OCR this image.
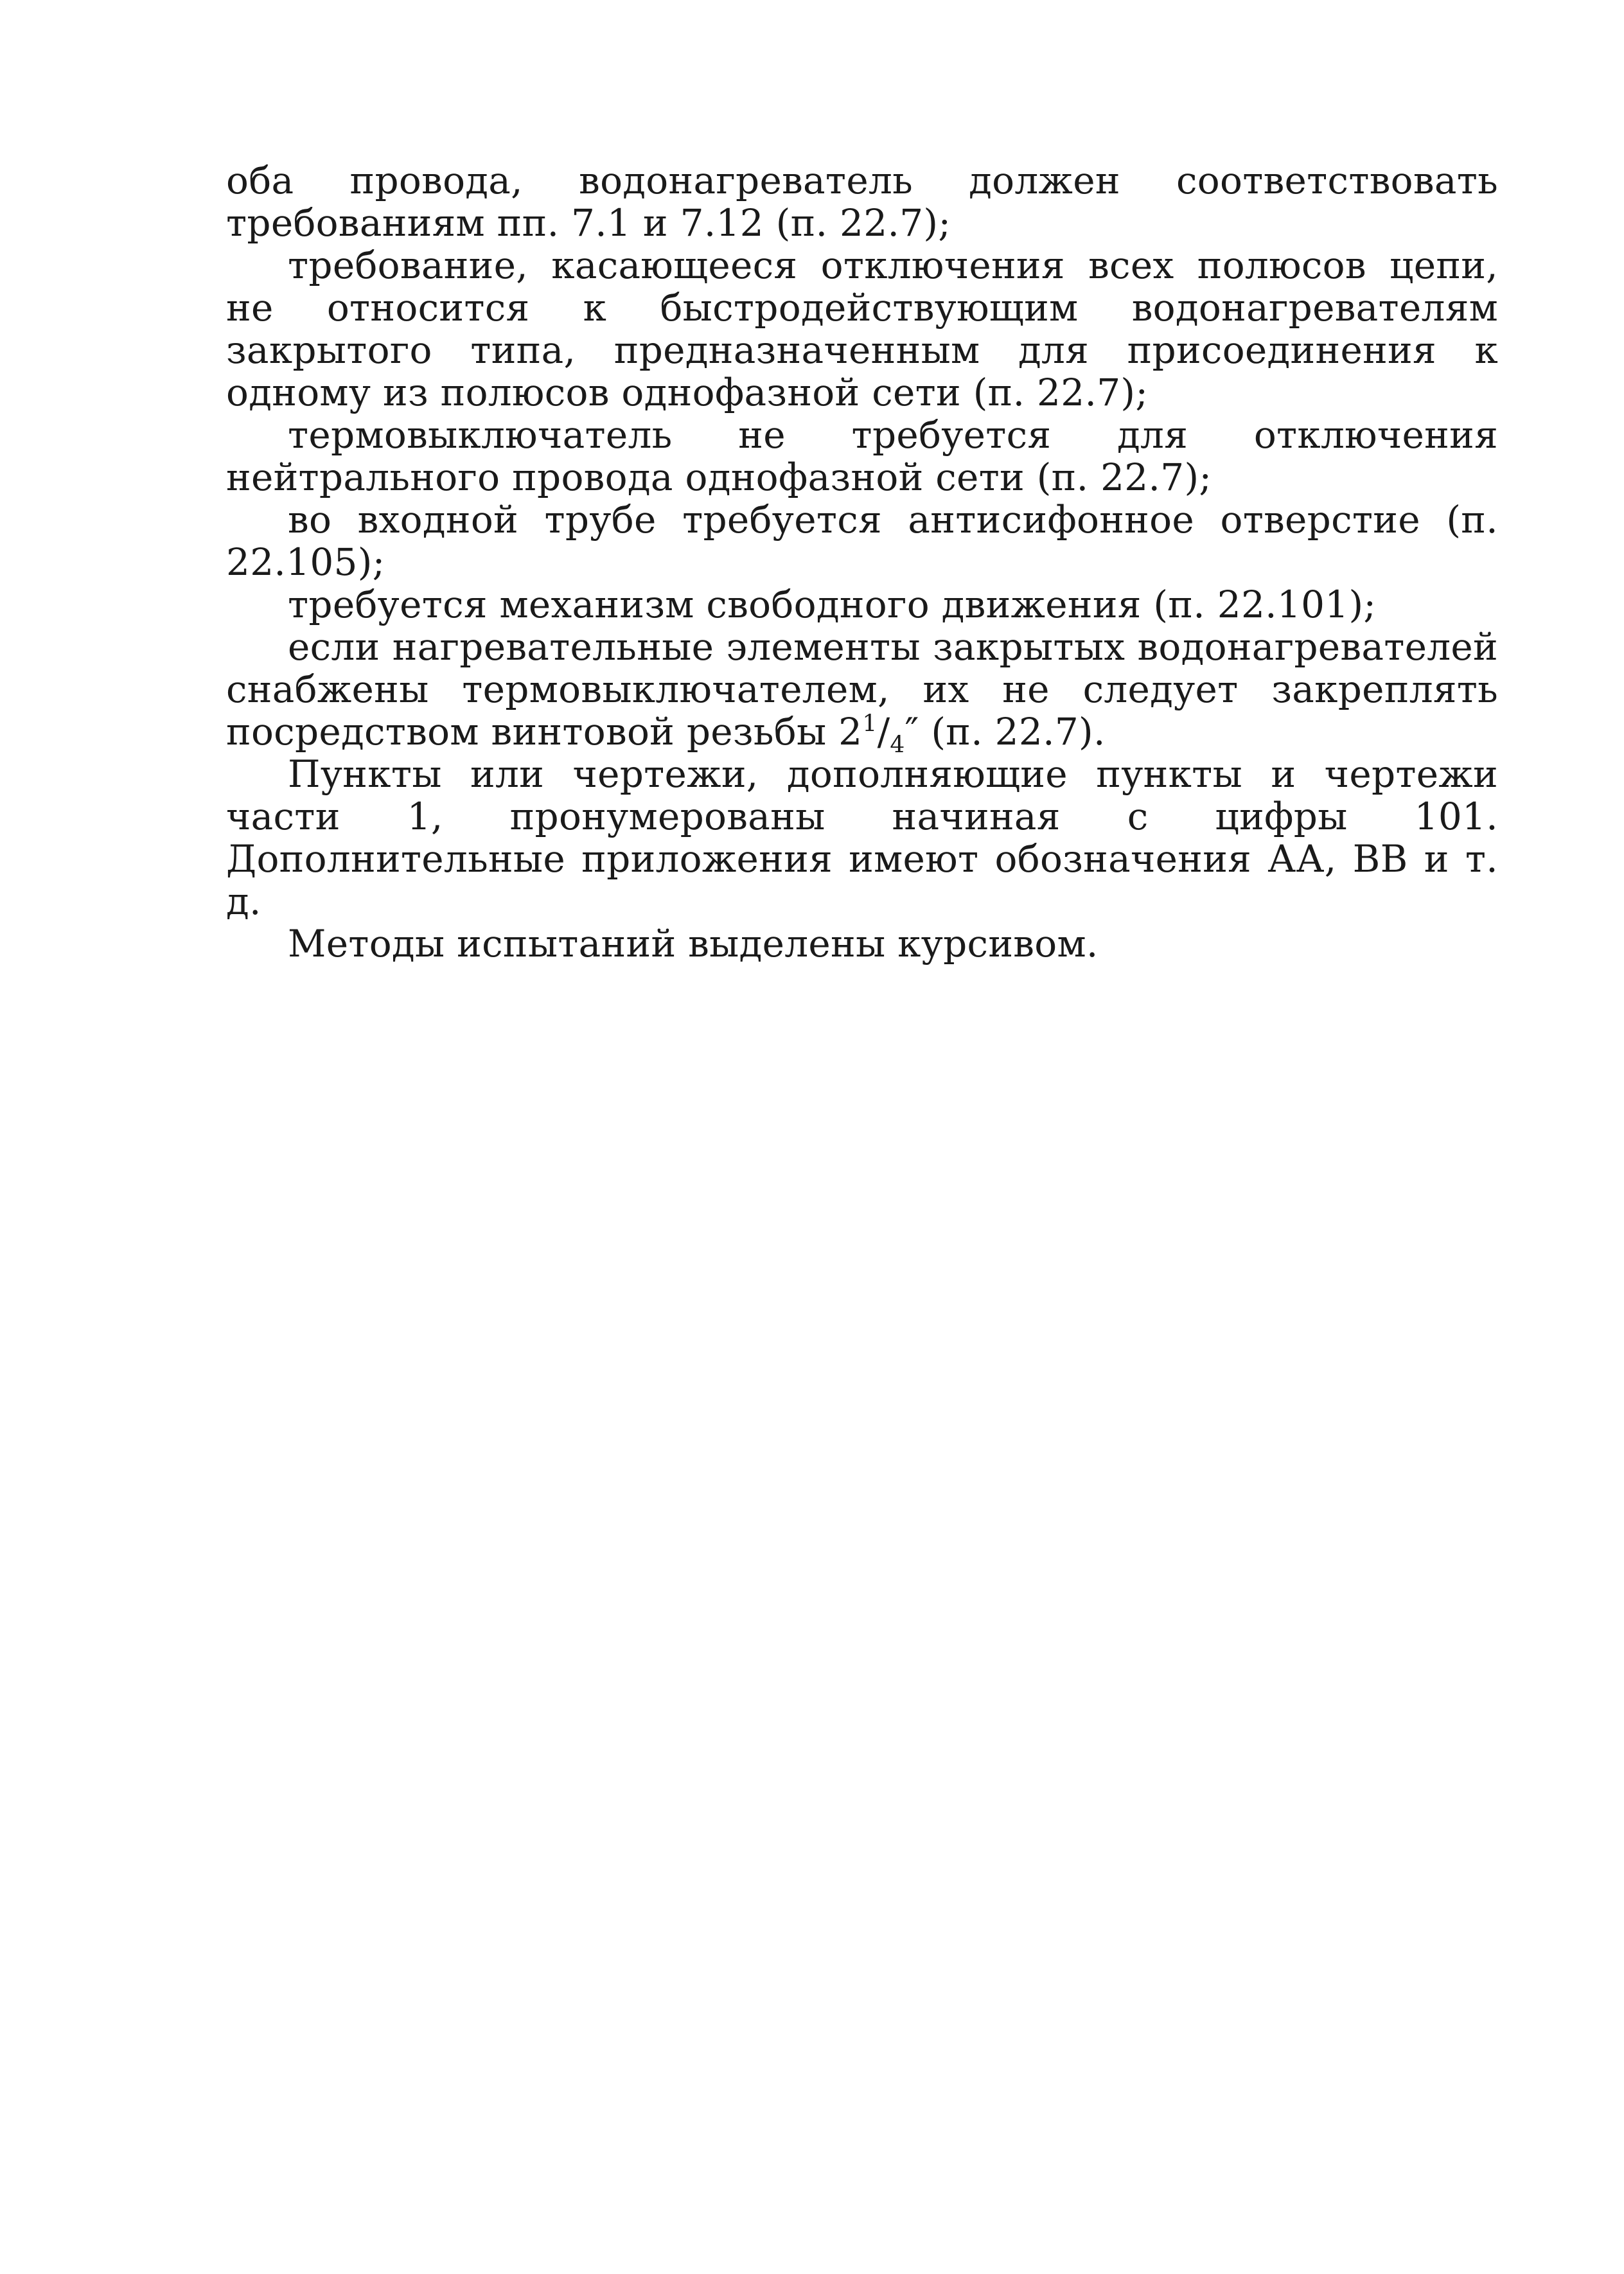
оба провода, водонагреватель должен соответствовать требованиям пп. 7.1 и 7.12 (п. 22.7);

требование, касающееся отключения всех полюсов цепи, не относится к быстродействующим водонагревателям закрытого типа, предназначенным для присоединения к одному из полюсов однофазной сети (п. 22.7);

термовыключатель не требуется для отключения нейтрального провода однофазной сети (п. 22.7);

во входной трубе требуется антисифонное отверстие (п. 22.105);

требуется механизм свободного движения (п. 22.101);

если нагревательные элементы закрытых водонагревателей снабжены термовыключателем, их не следует закреплять посредством винтовой резьбы $2^1/_4''$ (п. 22.7).

Пункты или чертежи, дополняющие пункты и чертежи части 1, пронумерованы начиная с цифры 101. Дополнительные приложения имеют обозначения АА, ВВ и т. д.

Методы испытаний выделены курсивом.
